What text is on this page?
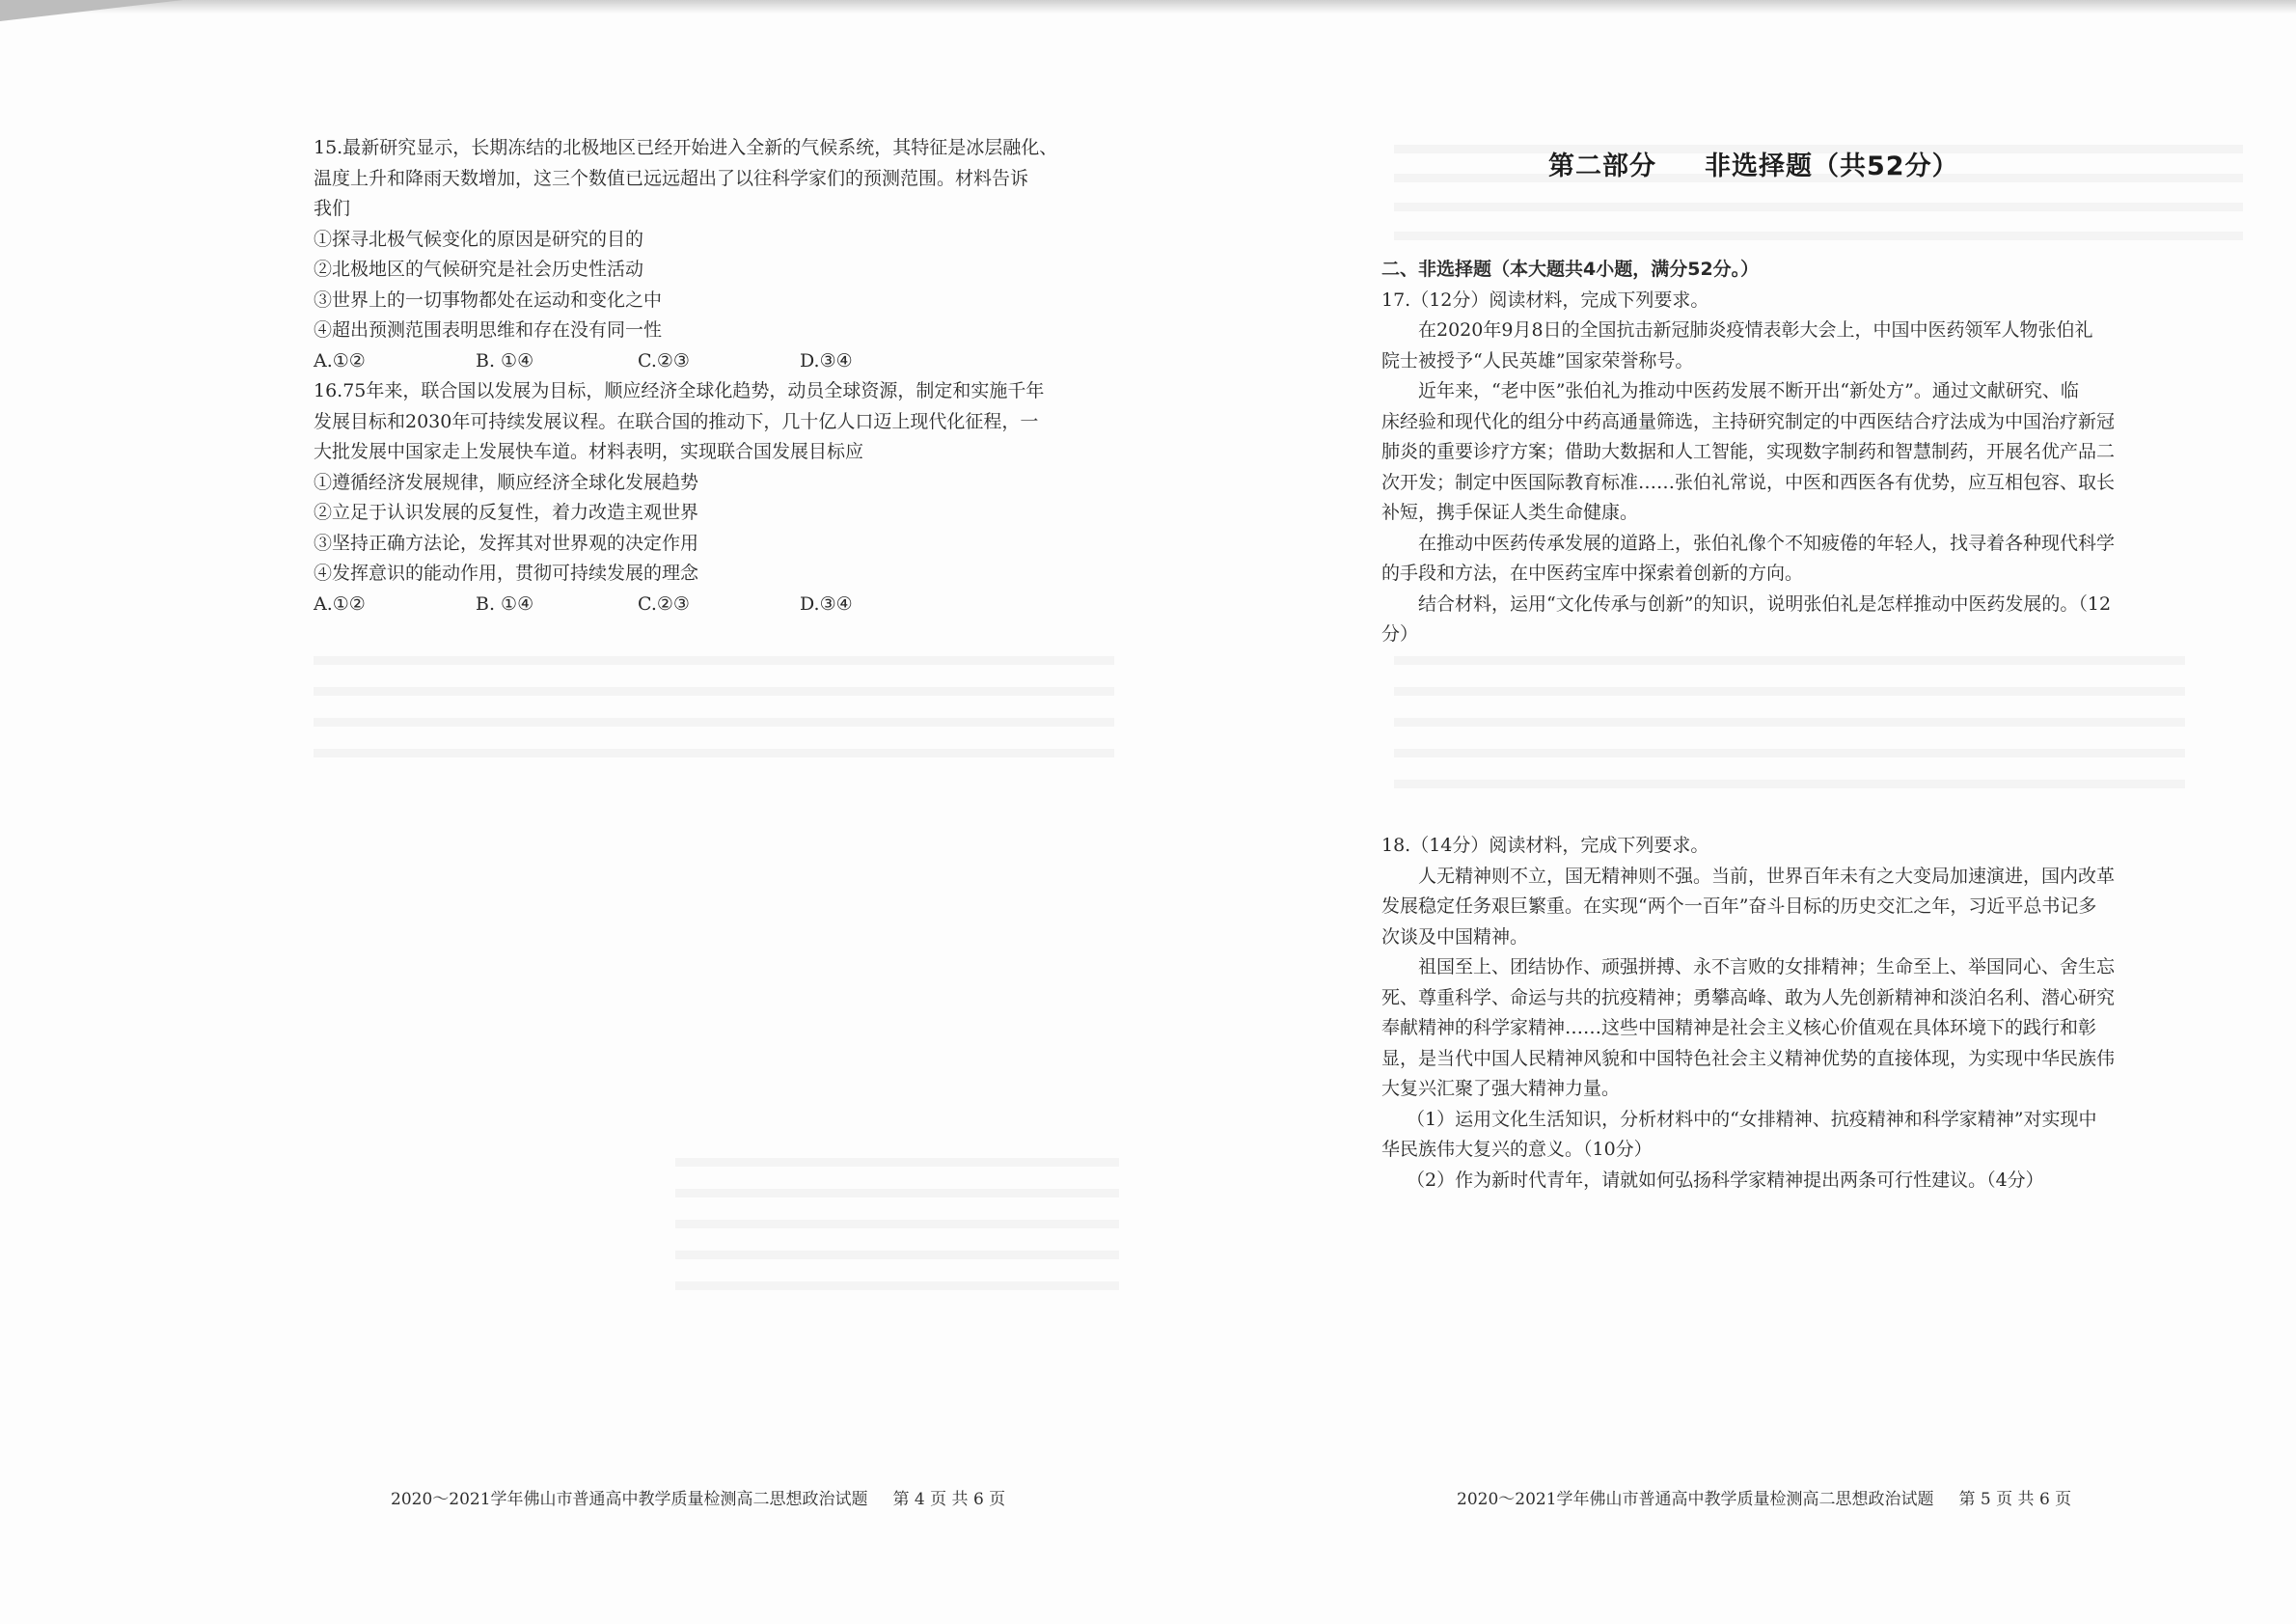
15.最新研究显示，长期冻结的北极地区已经开始进入全新的气候系统，其特征是冰层融化、
温度上升和降雨天数增加，这三个数值已远远超出了以往科学家们的预测范围。材料告诉
我们
①探寻北极气候变化的原因是研究的目的
②北极地区的气候研究是社会历史性活动
③世界上的一切事物都处在运动和变化之中
④超出预测范围表明思维和存在没有同一性
A.①②	B. ①④	C.②③	D.③④
16.75年来，联合国以发展为目标，顺应经济全球化趋势，动员全球资源，制定和实施千年
发展目标和2030年可持续发展议程。在联合国的推动下，几十亿人口迈上现代化征程，一
大批发展中国家走上发展快车道。材料表明，实现联合国发展目标应
①遵循经济发展规律，顺应经济全球化发展趋势
②立足于认识发展的反复性，着力改造主观世界
③坚持正确方法论，发挥其对世界观的决定作用
④发挥意识的能动作用，贯彻可持续发展的理念
A.①②	B. ①④	C.②③	D.③④
2020～2021学年佛山市普通高中教学质量检测高二思想政治试题 第 4 页 共 6 页
第二部分 非选择题（共52分）
二、非选择题（本大题共4小题，满分52分。）
17.（12分）阅读材料，完成下列要求。
在2020年9月8日的全国抗击新冠肺炎疫情表彰大会上，中国中医药领军人物张伯礼
院士被授予“人民英雄”国家荣誉称号。
近年来，“老中医”张伯礼为推动中医药发展不断开出“新处方”。通过文献研究、临
床经验和现代化的组分中药高通量筛选，主持研究制定的中西医结合疗法成为中国治疗新冠
肺炎的重要诊疗方案；借助大数据和人工智能，实现数字制药和智慧制药，开展名优产品二
次开发；制定中医国际教育标准……张伯礼常说，中医和西医各有优势，应互相包容、取长
补短，携手保证人类生命健康。
在推动中医药传承发展的道路上，张伯礼像个不知疲倦的年轻人，找寻着各种现代科学
的手段和方法，在中医药宝库中探索着创新的方向。
结合材料，运用“文化传承与创新”的知识，说明张伯礼是怎样推动中医药发展的。（12
分）
18.（14分）阅读材料，完成下列要求。
人无精神则不立，国无精神则不强。当前，世界百年未有之大变局加速演进，国内改革
发展稳定任务艰巨繁重。在实现“两个一百年”奋斗目标的历史交汇之年，习近平总书记多
次谈及中国精神。
祖国至上、团结协作、顽强拼搏、永不言败的女排精神；生命至上、举国同心、舍生忘
死、尊重科学、命运与共的抗疫精神；勇攀高峰、敢为人先创新精神和淡泊名利、潜心研究
奉献精神的科学家精神……这些中国精神是社会主义核心价值观在具体环境下的践行和彰
显，是当代中国人民精神风貌和中国特色社会主义精神优势的直接体现，为实现中华民族伟
大复兴汇聚了强大精神力量。
（1）运用文化生活知识，分析材料中的“女排精神、抗疫精神和科学家精神”对实现中
华民族伟大复兴的意义。（10分）
（2）作为新时代青年，请就如何弘扬科学家精神提出两条可行性建议。（4分）
2020～2021学年佛山市普通高中教学质量检测高二思想政治试题 第 5 页 共 6 页
